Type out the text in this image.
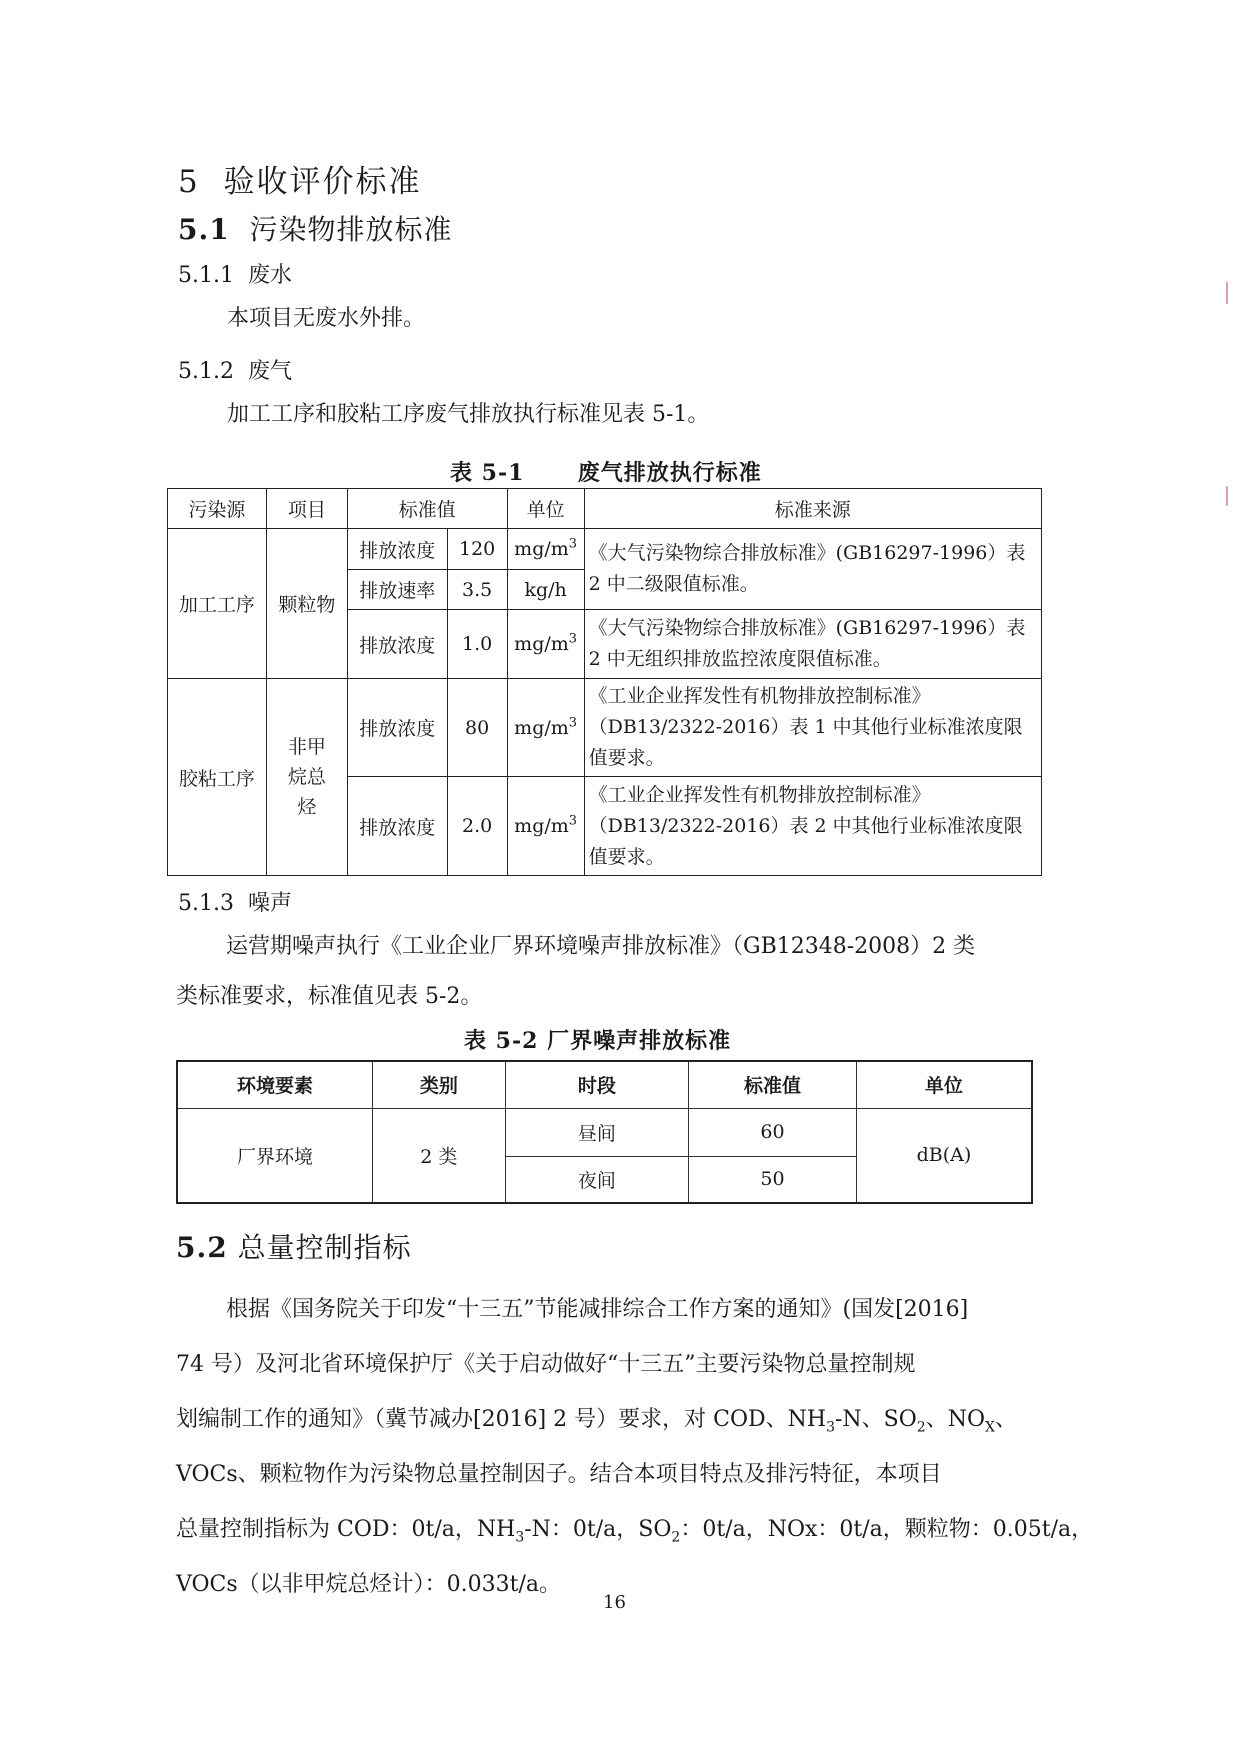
5 验收评价标准
5.1 污染物排放标准
5.1.1 废水
本项目无废水外排。
5.1.2 废气
加工工序和胶粘工序废气排放执行标准见表 5-1。
表 5-1 废气排放执行标准
污染源	项目	标准值		单位	标准来源
加工工序	颗粒物	排放浓度	120	$mg/m^3$	《大气污染物综合排放标准》(GB16297-1996）表 2 中二级限值标准。
		排放速率	3.5	kg/h	
		排放浓度	1.0	$mg/m^3$	《大气污染物综合排放标准》(GB16297-1996）表 2 中无组织排放监控浓度限值标准。
胶粘工序	非甲烷总烃	排放浓度	80	$mg/m^3$	《工业企业挥发性有机物排放控制标准》（DB13/2322-2016）表 1 中其他行业标准浓度限值要求。
		排放浓度	2.0	$mg/m^3$	《工业企业挥发性有机物排放控制标准》（DB13/2322-2016）表 2 中其他行业标准浓度限值要求。
5.1.3 噪声
运营期噪声执行《工业企业厂界环境噪声排放标准》（GB12348-2008）2 类
类标准要求，标准值见表 5-2。
表 5-2 厂界噪声排放标准
环境要素	类别	时段	标准值	单位
厂界环境	2 类	昼间	60	dB(A)
		夜间	50	
5.2 总量控制指标
根据《国务院关于印发“十三五”节能减排综合工作方案的通知》(国发[2016]
74 号）及河北省环境保护厅《关于启动做好“十三五”主要污染物总量控制规
划编制工作的通知》（冀节减办[2016] 2 号）要求，对 COD、$NH_3-N$、$SO_2$、$NO_X$、
VOCs、颗粒物作为污染物总量控制因子。结合本项目特点及排污特征，本项目
总量控制指标为 COD：0t/a，$NH_3-N$：0t/a，$SO_2$：0t/a，NOx：0t/a，颗粒物：0.05t/a，
VOCs（以非甲烷总烃计）：0.033t/a。
16
